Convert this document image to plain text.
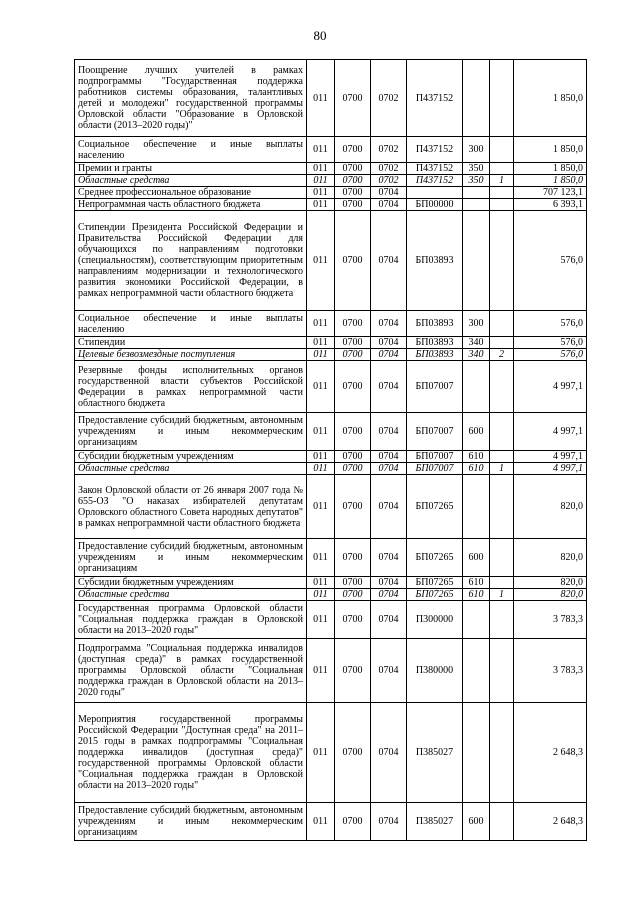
80
Поощрение лучших учителей в рамках подпрограммы "Государственная поддержка работников системы образования, талантливых детей и молодежи" государственной программы Орловской области "Образование в Орловской области (2013–2020 годы)"	011	0700	0702	П437152			1 850,0
Социальное обеспечение и иные выплаты населению	011	0700	0702	П437152	300		1 850,0
Премии и гранты	011	0700	0702	П437152	350		1 850,0
Областные средства	011	0700	0702	П437152	350	1	1 850,0
Среднее профессиональное образование	011	0700	0704				707 123,1
Непрограммная часть областного бюджета	011	0700	0704	БП00000			6 393,1
Стипендии Президента Российской Федерации и Правительства Российской Федерации для обучающихся по направлениям подготовки (специальностям), соответствующим приоритетным направлениям модернизации и технологического развития экономики Российской Федерации, в рамках непрограммной части областного бюджета	011	0700	0704	БП03893			576,0
Социальное обеспечение и иные выплаты населению	011	0700	0704	БП03893	300		576,0
Стипендии	011	0700	0704	БП03893	340		576,0
Целевые безвозмездные поступления	011	0700	0704	БП03893	340	2	576,0
Резервные фонды исполнительных органов государственной власти субъектов Российской Федерации в рамках непрограммной части областного бюджета	011	0700	0704	БП07007			4 997,1
Предоставление субсидий бюджетным, автономным учреждениям и иным некоммерческим организациям	011	0700	0704	БП07007	600		4 997,1
Субсидии бюджетным учреждениям	011	0700	0704	БП07007	610		4 997,1
Областные средства	011	0700	0704	БП07007	610	1	4 997,1
Закон Орловской области от 26 января 2007 года № 655-ОЗ "О наказах избирателей депутатам Орловского областного Совета народных депутатов" в рамках непрограммной части областного бюджета	011	0700	0704	БП07265			820,0
Предоставление субсидий бюджетным, автономным учреждениям и иным некоммерческим организациям	011	0700	0704	БП07265	600		820,0
Субсидии бюджетным учреждениям	011	0700	0704	БП07265	610		820,0
Областные средства	011	0700	0704	БП07265	610	1	820,0
Государственная программа Орловской области "Социальная поддержка граждан в Орловской области на 2013–2020 годы"	011	0700	0704	П300000			3 783,3
Подпрограмма "Социальная поддержка инвалидов (доступная среда)" в рамках государственной программы Орловской области "Социальная поддержка граждан в Орловской области на 2013–2020 годы"	011	0700	0704	П380000			3 783,3
Мероприятия государственной программы Российской Федерации "Доступная среда" на 2011–2015 годы в рамках подпрограммы "Социальная поддержка инвалидов (доступная среда)" государственной программы Орловской области "Социальная поддержка граждан в Орловской области на 2013–2020 годы"	011	0700	0704	П385027			2 648,3
Предоставление субсидий бюджетным, автономным учреждениям и иным некоммерческим организациям	011	0700	0704	П385027	600		2 648,3
